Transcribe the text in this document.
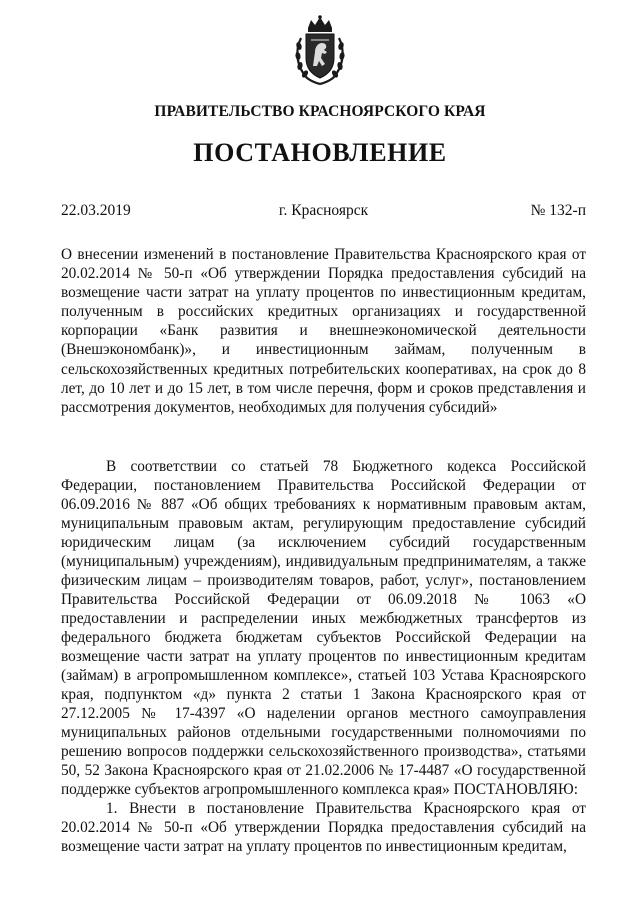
ПРАВИТЕЛЬСТВО КРАСНОЯРСКОГО КРАЯ
ПОСТАНОВЛЕНИЕ
22.03.2019	г. Красноярск	№ 132-п
О внесении изменений в постановление Правительства Красноярского края от 20.02.2014 № 50-п «Об утверждении Порядка предоставления субсидий на возмещение части затрат на уплату процентов по инвестиционным кредитам, полученным в российских кредитных организациях и государственной корпорации «Банк развития и внешнеэкономической деятельности (Внешэкономбанк)», и инвестиционным займам, полученным в сельскохозяйственных кредитных потребительских кооперативах, на срок до 8 лет, до 10 лет и до 15 лет, в том числе перечня, форм и сроков представления и рассмотрения документов, необходимых для получения субсидий»

В соответствии со статьей 78 Бюджетного кодекса Российской Федерации, постановлением Правительства Российской Федерации от 06.09.2016 № 887 «Об общих требованиях к нормативным правовым актам, муниципальным правовым актам, регулирующим предоставление субсидий юридическим лицам (за исключением субсидий государственным (муниципальным) учреждениям), индивидуальным предпринимателям, а также физическим лицам – производителям товаров, работ, услуг», постановлением Правительства Российской Федерации от 06.09.2018 № 1063 «О предоставлении и распределении иных межбюджетных трансфертов из федерального бюджета бюджетам субъектов Российской Федерации на возмещение части затрат на уплату процентов по инвестиционным кредитам (займам) в агропромышленном комплексе», статьей 103 Устава Красноярского края, подпунктом «д» пункта 2 статьи 1 Закона Красноярского края от 27.12.2005 № 17-4397 «О наделении органов местного самоуправления муниципальных районов отдельными государственными полномочиями по решению вопросов поддержки сельскохозяйственного производства», статьями 50, 52 Закона Красноярского края от 21.02.2006 № 17-4487 «О государственной поддержке субъектов агропромышленного комплекса края» ПОСТАНОВЛЯЮ:

1. Внести в постановление Правительства Красноярского края от 20.02.2014 № 50-п «Об утверждении Порядка предоставления субсидий на возмещение части затрат на уплату процентов по инвестиционным кредитам,
